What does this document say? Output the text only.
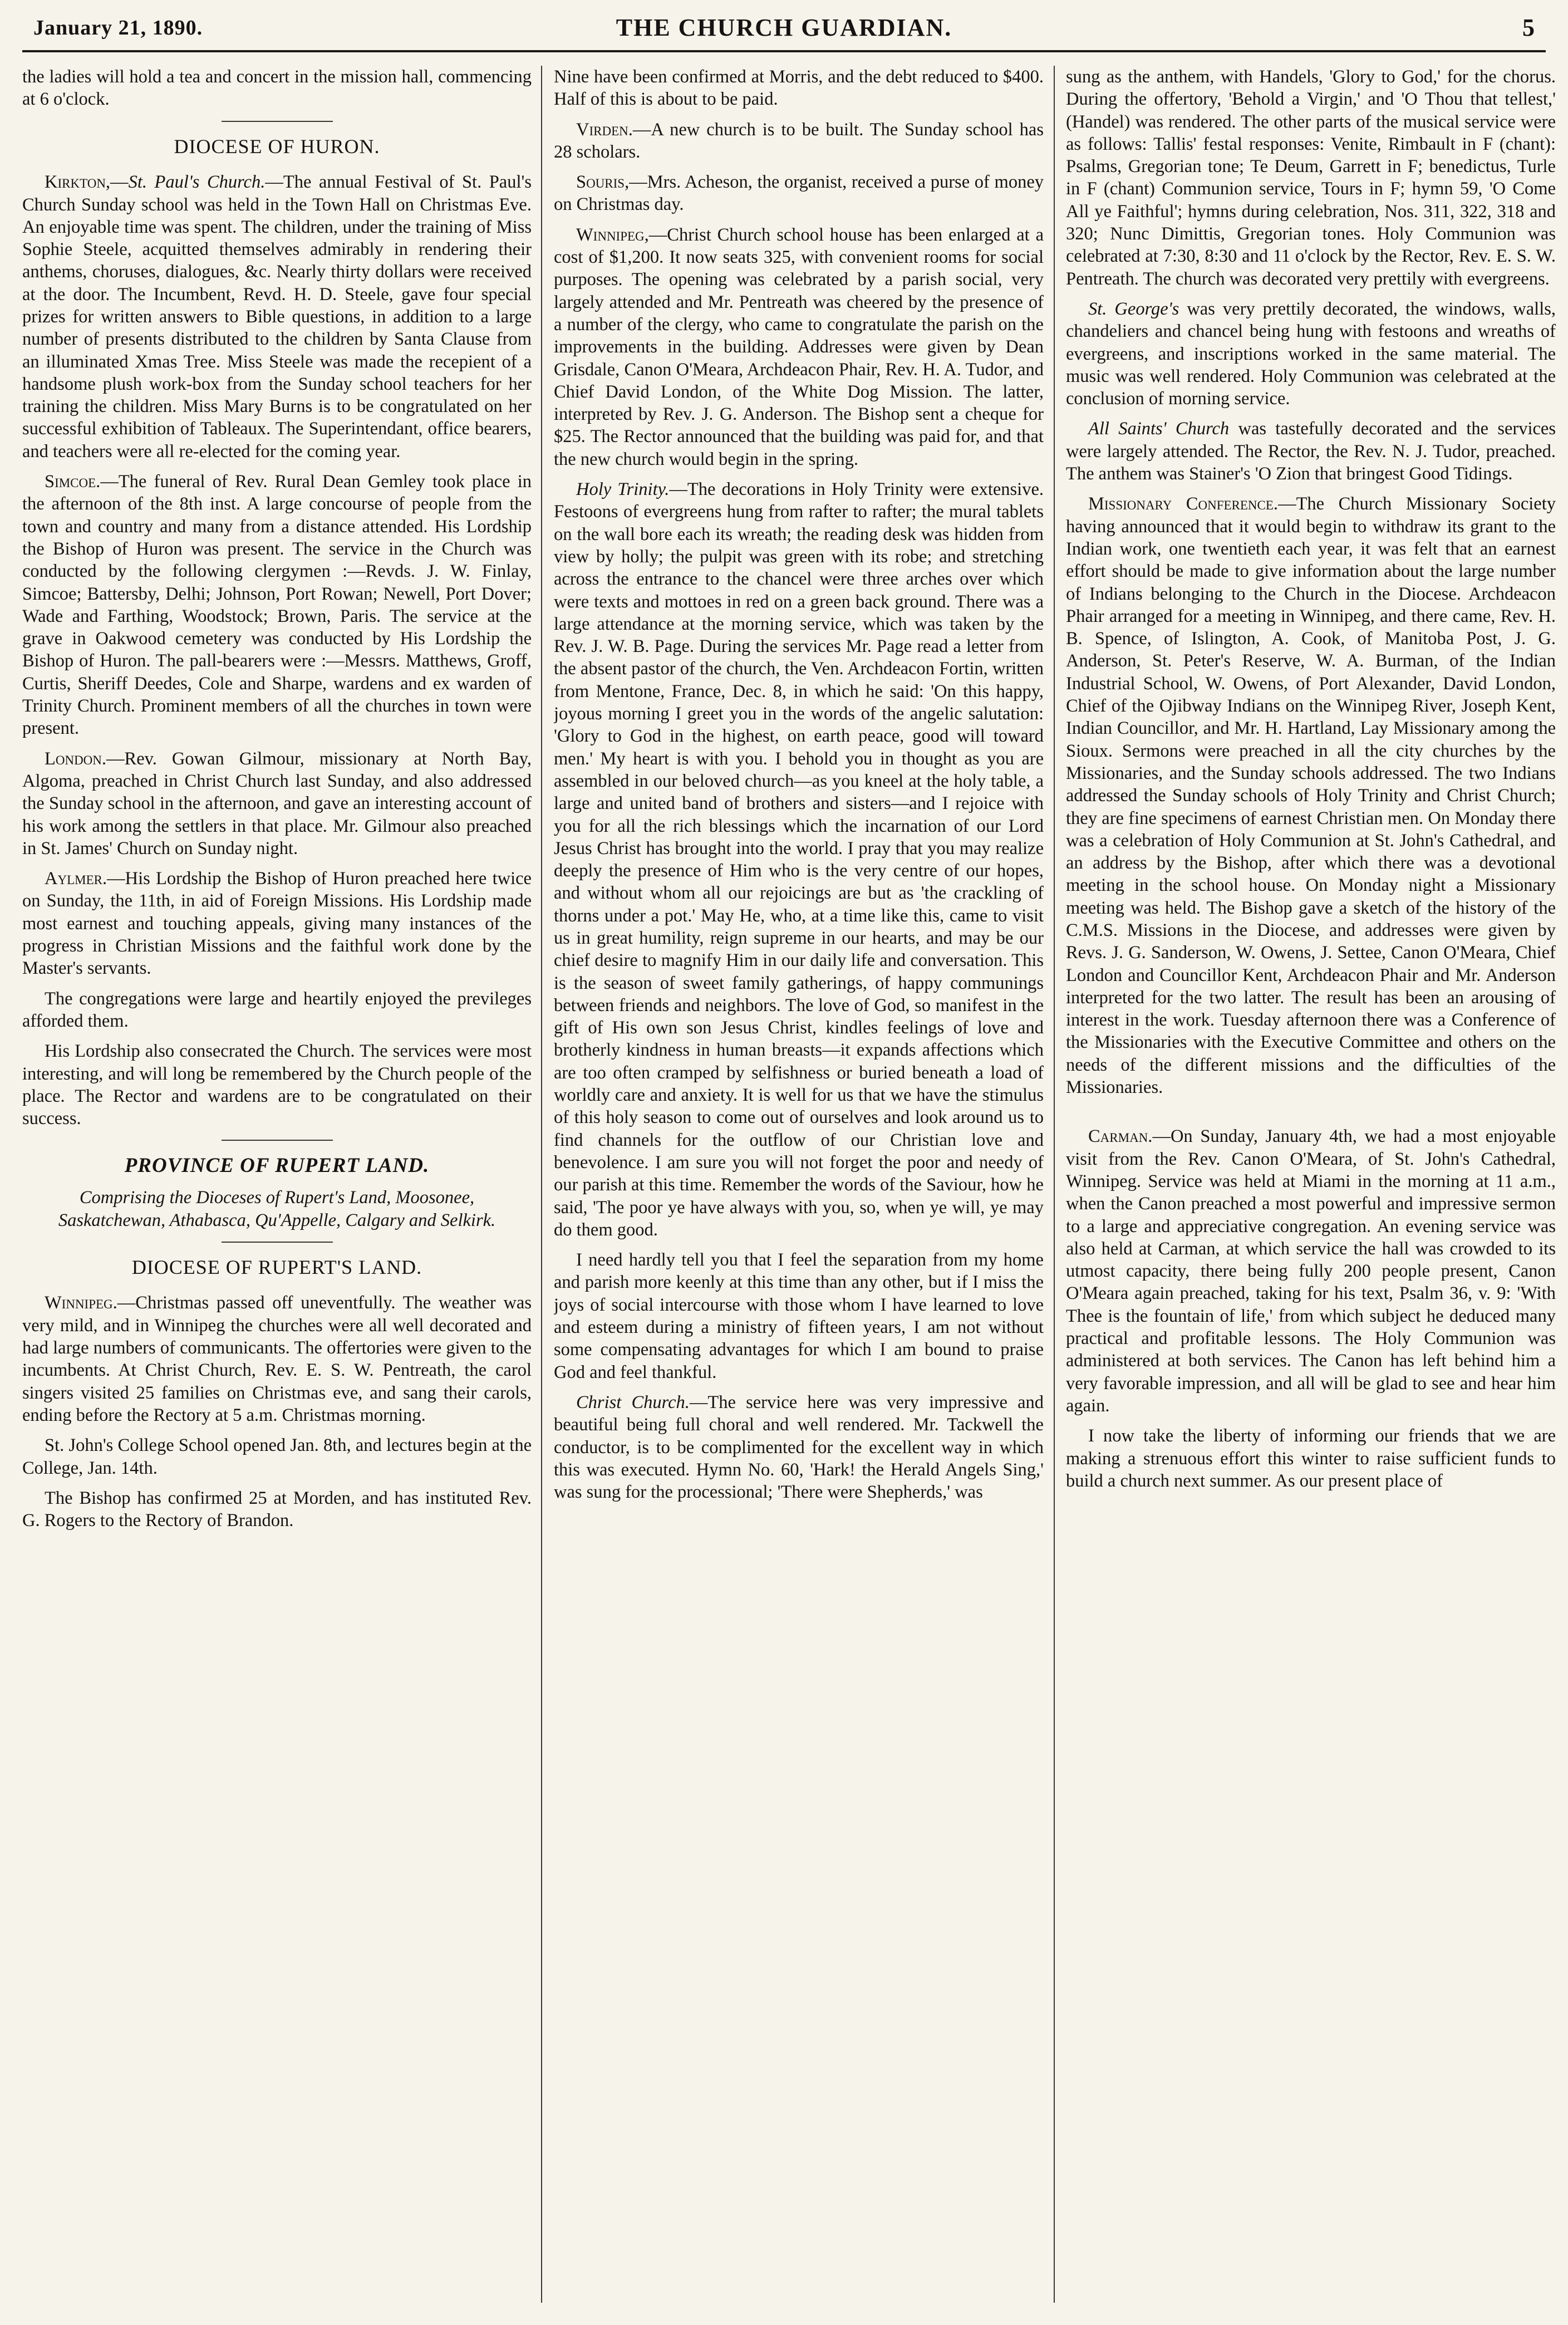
January 21, 1890.	THE CHURCH GUARDIAN.	5

the ladies will hold a tea and concert in the mission hall, commencing at 6 o'clock.

DIOCESE OF HURON.

Kirkton,—St. Paul's Church.—The annual Festival of St. Paul's Church Sunday school was held in the Town Hall on Christmas Eve. An enjoyable time was spent. The children, under the training of Miss Sophie Steele, acquitted themselves admirably in rendering their anthems, choruses, dialogues, &c. Nearly thirty dollars were received at the door. The Incumbent, Revd. H. D. Steele, gave four special prizes for written answers to Bible questions, in addition to a large number of presents distributed to the children by Santa Clause from an illuminated Xmas Tree. Miss Steele was made the recepient of a handsome plush work-box from the Sunday school teachers for her training the children. Miss Mary Burns is to be congratulated on her successful exhibition of Tableaux. The Superintendant, office bearers, and teachers were all re-elected for the coming year.

Simcoe.—The funeral of Rev. Rural Dean Gemley took place in the afternoon of the 8th inst. A large concourse of people from the town and country and many from a distance attended. His Lordship the Bishop of Huron was present. The service in the Church was conducted by the following clergymen :—Revds. J. W. Finlay, Simcoe; Battersby, Delhi; Johnson, Port Rowan; Newell, Port Dover; Wade and Farthing, Woodstock; Brown, Paris. The service at the grave in Oakwood cemetery was conducted by His Lordship the Bishop of Huron. The pall-bearers were :—Messrs. Matthews, Groff, Curtis, Sheriff Deedes, Cole and Sharpe, wardens and ex warden of Trinity Church. Prominent members of all the churches in town were present.

London.—Rev. Gowan Gilmour, missionary at North Bay, Algoma, preached in Christ Church last Sunday, and also addressed the Sunday school in the afternoon, and gave an interesting account of his work among the settlers in that place. Mr. Gilmour also preached in St. James' Church on Sunday night.

Aylmer.—His Lordship the Bishop of Huron preached here twice on Sunday, the 11th, in aid of Foreign Missions. His Lordship made most earnest and touching appeals, giving many instances of the progress in Christian Missions and the faithful work done by the Master's servants.

The congregations were large and heartily enjoyed the previleges afforded them.

His Lordship also consecrated the Church. The services were most interesting, and will long be remembered by the Church people of the place. The Rector and wardens are to be congratulated on their success.

PROVINCE OF RUPERT LAND.

Comprising the Dioceses of Rupert's Land, Moosonee, Saskatchewan, Athabasca, Qu'Appelle, Calgary and Selkirk.

DIOCESE OF RUPERT'S LAND.

Winnipeg.—Christmas passed off uneventfully. The weather was very mild, and in Winnipeg the churches were all well decorated and had large numbers of communicants. The offertories were given to the incumbents. At Christ Church, Rev. E. S. W. Pentreath, the carol singers visited 25 families on Christmas eve, and sang their carols, ending before the Rectory at 5 a.m. Christmas morning.

St. John's College School opened Jan. 8th, and lectures begin at the College, Jan. 14th.

The Bishop has confirmed 25 at Morden, and has instituted Rev. G. Rogers to the Rectory of Brandon.

Nine have been confirmed at Morris, and the debt reduced to $400. Half of this is about to be paid.

Virden.—A new church is to be built. The Sunday school has 28 scholars.

Souris,—Mrs. Acheson, the organist, received a purse of money on Christmas day.

Winnipeg,—Christ Church school house has been enlarged at a cost of $1,200. It now seats 325, with convenient rooms for social purposes. The opening was celebrated by a parish social, very largely attended and Mr. Pentreath was cheered by the presence of a number of the clergy, who came to congratulate the parish on the improvements in the building. Addresses were given by Dean Grisdale, Canon O'Meara, Archdeacon Phair, Rev. H. A. Tudor, and Chief David London, of the White Dog Mission. The latter, interpreted by Rev. J. G. Anderson. The Bishop sent a cheque for $25. The Rector announced that the building was paid for, and that the new church would begin in the spring.

Holy Trinity.—The decorations in Holy Trinity were extensive. Festoons of evergreens hung from rafter to rafter; the mural tablets on the wall bore each its wreath; the reading desk was hidden from view by holly; the pulpit was green with its robe; and stretching across the entrance to the chancel were three arches over which were texts and mottoes in red on a green back ground. There was a large attendance at the morning service, which was taken by the Rev. J. W. B. Page. During the services Mr. Page read a letter from the absent pastor of the church, the Ven. Archdeacon Fortin, written from Mentone, France, Dec. 8, in which he said: 'On this happy, joyous morning I greet you in the words of the angelic salutation: 'Glory to God in the highest, on earth peace, good will toward men.' My heart is with you. I behold you in thought as you are assembled in our beloved church—as you kneel at the holy table, a large and united band of brothers and sisters—and I rejoice with you for all the rich blessings which the incarnation of our Lord Jesus Christ has brought into the world. I pray that you may realize deeply the presence of Him who is the very centre of our hopes, and without whom all our rejoicings are but as 'the crackling of thorns under a pot.' May He, who, at a time like this, came to visit us in great humility, reign supreme in our hearts, and may be our chief desire to magnify Him in our daily life and conversation. This is the season of sweet family gatherings, of happy communings between friends and neighbors. The love of God, so manifest in the gift of His own son Jesus Christ, kindles feelings of love and brotherly kindness in human breasts—it expands affections which are too often cramped by selfishness or buried beneath a load of worldly care and anxiety. It is well for us that we have the stimulus of this holy season to come out of ourselves and look around us to find channels for the outflow of our Christian love and benevolence. I am sure you will not forget the poor and needy of our parish at this time. Remember the words of the Saviour, how he said, 'The poor ye have always with you, so, when ye will, ye may do them good.

I need hardly tell you that I feel the separation from my home and parish more keenly at this time than any other, but if I miss the joys of social intercourse with those whom I have learned to love and esteem during a ministry of fifteen years, I am not without some compensating advantages for which I am bound to praise God and feel thankful.

Christ Church.—The service here was very impressive and beautiful being full choral and well rendered. Mr. Tackwell the conductor, is to be complimented for the excellent way in which this was executed. Hymn No. 60, 'Hark! the Herald Angels Sing,' was sung for the processional; 'There were Shepherds,' was

sung as the anthem, with Handels, 'Glory to God,' for the chorus. During the offertory, 'Behold a Virgin,' and 'O Thou that tellest,' (Handel) was rendered. The other parts of the musical service were as follows: Tallis' festal responses: Venite, Rimbault in F (chant): Psalms, Gregorian tone; Te Deum, Garrett in F; benedictus, Turle in F (chant) Communion service, Tours in F; hymn 59, 'O Come All ye Faithful'; hymns during celebration, Nos. 311, 322, 318 and 320; Nunc Dimittis, Gregorian tones. Holy Communion was celebrated at 7:30, 8:30 and 11 o'clock by the Rector, Rev. E. S. W. Pentreath. The church was decorated very prettily with evergreens.

St. George's was very prettily decorated, the windows, walls, chandeliers and chancel being hung with festoons and wreaths of evergreens, and inscriptions worked in the same material. The music was well rendered. Holy Communion was celebrated at the conclusion of morning service.

All Saints' Church was tastefully decorated and the services were largely attended. The Rector, the Rev. N. J. Tudor, preached. The anthem was Stainer's 'O Zion that bringest Good Tidings.

Missionary Conference.—The Church Missionary Society having announced that it would begin to withdraw its grant to the Indian work, one twentieth each year, it was felt that an earnest effort should be made to give information about the large number of Indians belonging to the Church in the Diocese. Archdeacon Phair arranged for a meeting in Winnipeg, and there came, Rev. H. B. Spence, of Islington, A. Cook, of Manitoba Post, J. G. Anderson, St. Peter's Reserve, W. A. Burman, of the Indian Industrial School, W. Owens, of Port Alexander, David London, Chief of the Ojibway Indians on the Winnipeg River, Joseph Kent, Indian Councillor, and Mr. H. Hartland, Lay Missionary among the Sioux. Sermons were preached in all the city churches by the Missionaries, and the Sunday schools addressed. The two Indians addressed the Sunday schools of Holy Trinity and Christ Church; they are fine specimens of earnest Christian men. On Monday there was a celebration of Holy Communion at St. John's Cathedral, and an address by the Bishop, after which there was a devotional meeting in the school house. On Monday night a Missionary meeting was held. The Bishop gave a sketch of the history of the C.M.S. Missions in the Diocese, and addresses were given by Revs. J. G. Sanderson, W. Owens, J. Settee, Canon O'Meara, Chief London and Councillor Kent, Archdeacon Phair and Mr. Anderson interpreted for the two latter. The result has been an arousing of interest in the work. Tuesday afternoon there was a Conference of the Missionaries with the Executive Committee and others on the needs of the different missions and the difficulties of the Missionaries.

Carman.—On Sunday, January 4th, we had a most enjoyable visit from the Rev. Canon O'Meara, of St. John's Cathedral, Winnipeg. Service was held at Miami in the morning at 11 a.m., when the Canon preached a most powerful and impressive sermon to a large and appreciative congregation. An evening service was also held at Carman, at which service the hall was crowded to its utmost capacity, there being fully 200 people present, Canon O'Meara again preached, taking for his text, Psalm 36, v. 9: 'With Thee is the fountain of life,' from which subject he deduced many practical and profitable lessons. The Holy Communion was administered at both services. The Canon has left behind him a very favorable impression, and all will be glad to see and hear him again.

I now take the liberty of informing our friends that we are making a strenuous effort this winter to raise sufficient funds to build a church next summer. As our present place of
